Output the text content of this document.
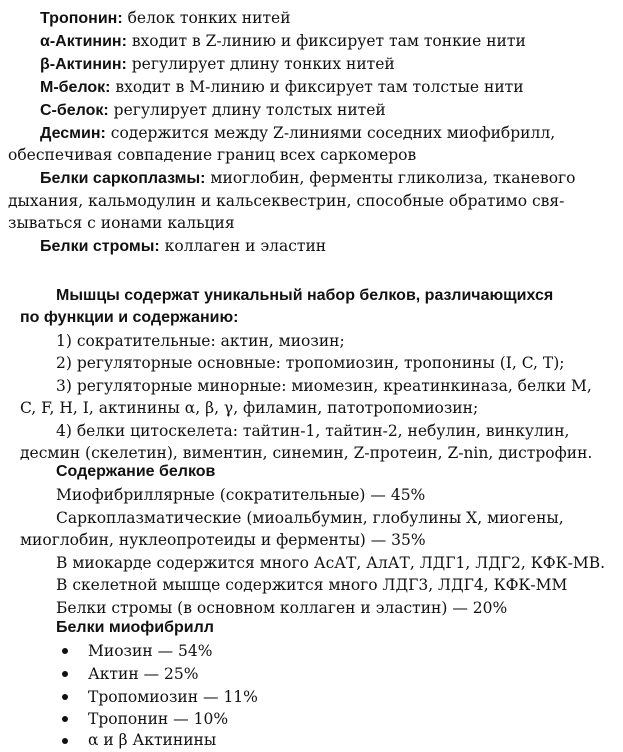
Тропонин: белок тонких нитей
α-Актинин: входит в Z-линию и фиксирует там тонкие нити
β-Актинин: регулирует длину тонких нитей
М-белок: входит в М-линию и фиксирует там толстые нити
С-белок: регулирует длину толстых нитей
Десмин: содержится между Z-линиями соседних миофибрилл,
обеспечивая совпадение границ всех саркомеров
Белки саркоплазмы: миоглобин, ферменты гликолиза, тканевого
дыхания, кальмодулин и кальсеквестрин, способные обратимо свя-
зываться с ионами кальция
Белки стромы: коллаген и эластин
Мышцы содержат уникальный набор белков, различающихся
по функции и содержанию:
1) сократительные: актин, миозин;
2) регуляторные основные: тропомиозин, тропонины (I, C, T);
3) регуляторные минорные: миомезин, креатинкиназа, белки М,
C, F, H, I, актинины α, β, γ, филамин, патотропомиозин;
4) белки цитоскелета: тайтин-1, тайтин-2, небулин, винкулин,
десмин (скелетин), виментин, синемин, Z-протеин, Z-nin, дистрофин.
Содержание белков
Миофибриллярные (сократительные) — 45%
Саркоплазматические (миоальбумин, глобулины Х, миогены,
миоглобин, нуклеопротеиды и ферменты) — 35%
В миокарде содержится много АсАТ, АлАТ, ЛДГ1, ЛДГ2, КФК-МВ.
В скелетной мышце содержится много ЛДГ3, ЛДГ4, КФК-ММ
Белки стромы (в основном коллаген и эластин) — 20%
Белки миофибрилл
Миозин — 54%
Актин — 25%
Тропомиозин — 11%
Тропонин — 10%
α и β Актинины
